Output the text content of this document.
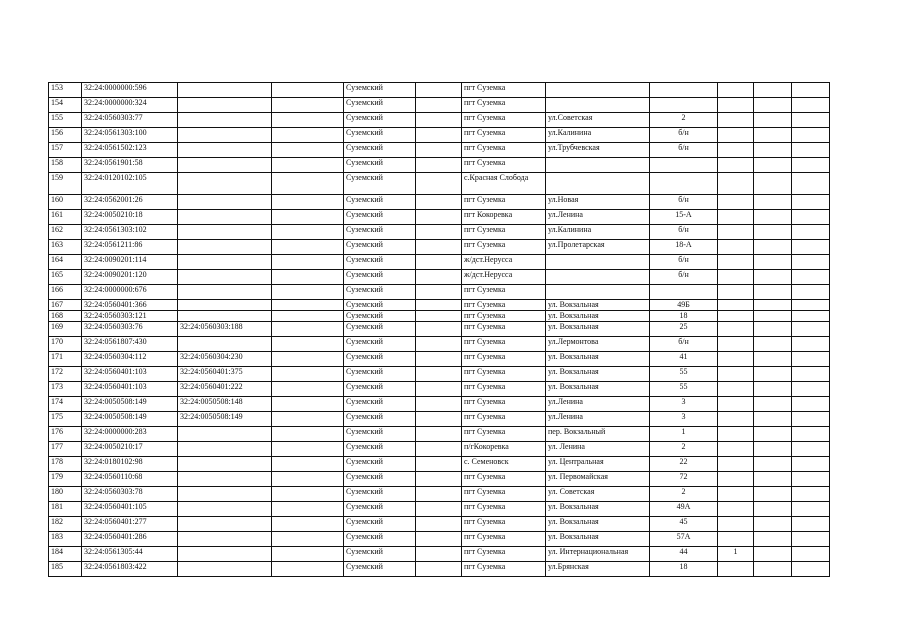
153	32:24:0000000:596			Суземский		пгт Суземка					
154	32:24:0000000:324			Суземский		пгт Суземка					
155	32:24:0560303:77			Суземский		пгт Суземка	ул.Советская	2			
156	32:24:0561303:100			Суземский		пгт Суземка	ул.Калинина	б/н			
157	32:24:0561502:123			Суземский		пгт Суземка	ул.Трубчевская	б/н			
158	32:24:0561901:58			Суземский		пгт Суземка					
159	32:24:0120102:105			Суземский		с.Красная Слобода					
160	32:24:0562001:26			Суземский		пгт Суземка	ул.Новая	б/н			
161	32:24:0050210:18			Суземский		пгт Кокоревка	ул.Ленина	15-А			
162	32:24:0561303:102			Суземский		пгт Суземка	ул.Калинина	б/н			
163	32:24:0561211:86			Суземский		пгт Суземка	ул.Пролетарская	18-А			
164	32:24:0090201:114			Суземский		ж/дст.Нерусса		б/н			
165	32:24:0090201:120			Суземский		ж/дст.Нерусса		б/н			
166	32:24:0000000:676			Суземский		пгт Суземка					
167	32:24:0560401:366			Суземский		пгт Суземка	ул. Вокзальная	49Б			
168	32:24:0560303:121			Суземский		пгт Суземка	ул. Вокзальная	18			
169	32:24:0560303:76	32:24:0560303:188		Суземский		пгт Суземка	ул. Вокзальная	25			
170	32:24:0561807:430			Суземский		пгт Суземка	ул.Лермонтова	б/н			
171	32:24:0560304:112	32:24:0560304:230		Суземский		пгт Суземка	ул. Вокзальная	41			
172	32:24:0560401:103	32:24:0560401:375		Суземский		пгт Суземка	ул. Вокзальная	55			
173	32:24:0560401:103	32:24:0560401:222		Суземский		пгт Суземка	ул. Вокзальная	55			
174	32:24:0050508:149	32:24:0050508:148		Суземский		пгт Суземка	ул.Ленина	3			
175	32:24:0050508:149	32:24:0050508:149		Суземский		пгт Суземка	ул.Ленина	3			
176	32:24:0000000:283			Суземский		пгт Суземка	пер. Вокзальный	1			
177	32:24:0050210:17			Суземский		п/гКокоревка	ул. Ленина	2			
178	32:24:0180102:98			Суземский		с. Семеновск	ул. Центральная	22			
179	32:24:0560110:68			Суземский		пгт Суземка	ул. Первомайская	72			
180	32:24:0560303:78			Суземский		пгт Суземка	ул. Советская	2			
181	32:24:0560401:105			Суземский		пгт Суземка	ул. Вокзальная	49А			
182	32:24:0560401:277			Суземский		пгт Суземка	ул. Вокзальная	45			
183	32:24:0560401:286			Суземский		пгт Суземка	ул. Вокзальная	57А			
184	32:24:0561305:44			Суземский		пгт Суземка	ул. Интернациональная	44	1		
185	32:24:0561803:422			Суземский		пгт Суземка	ул.Брянская	18			
